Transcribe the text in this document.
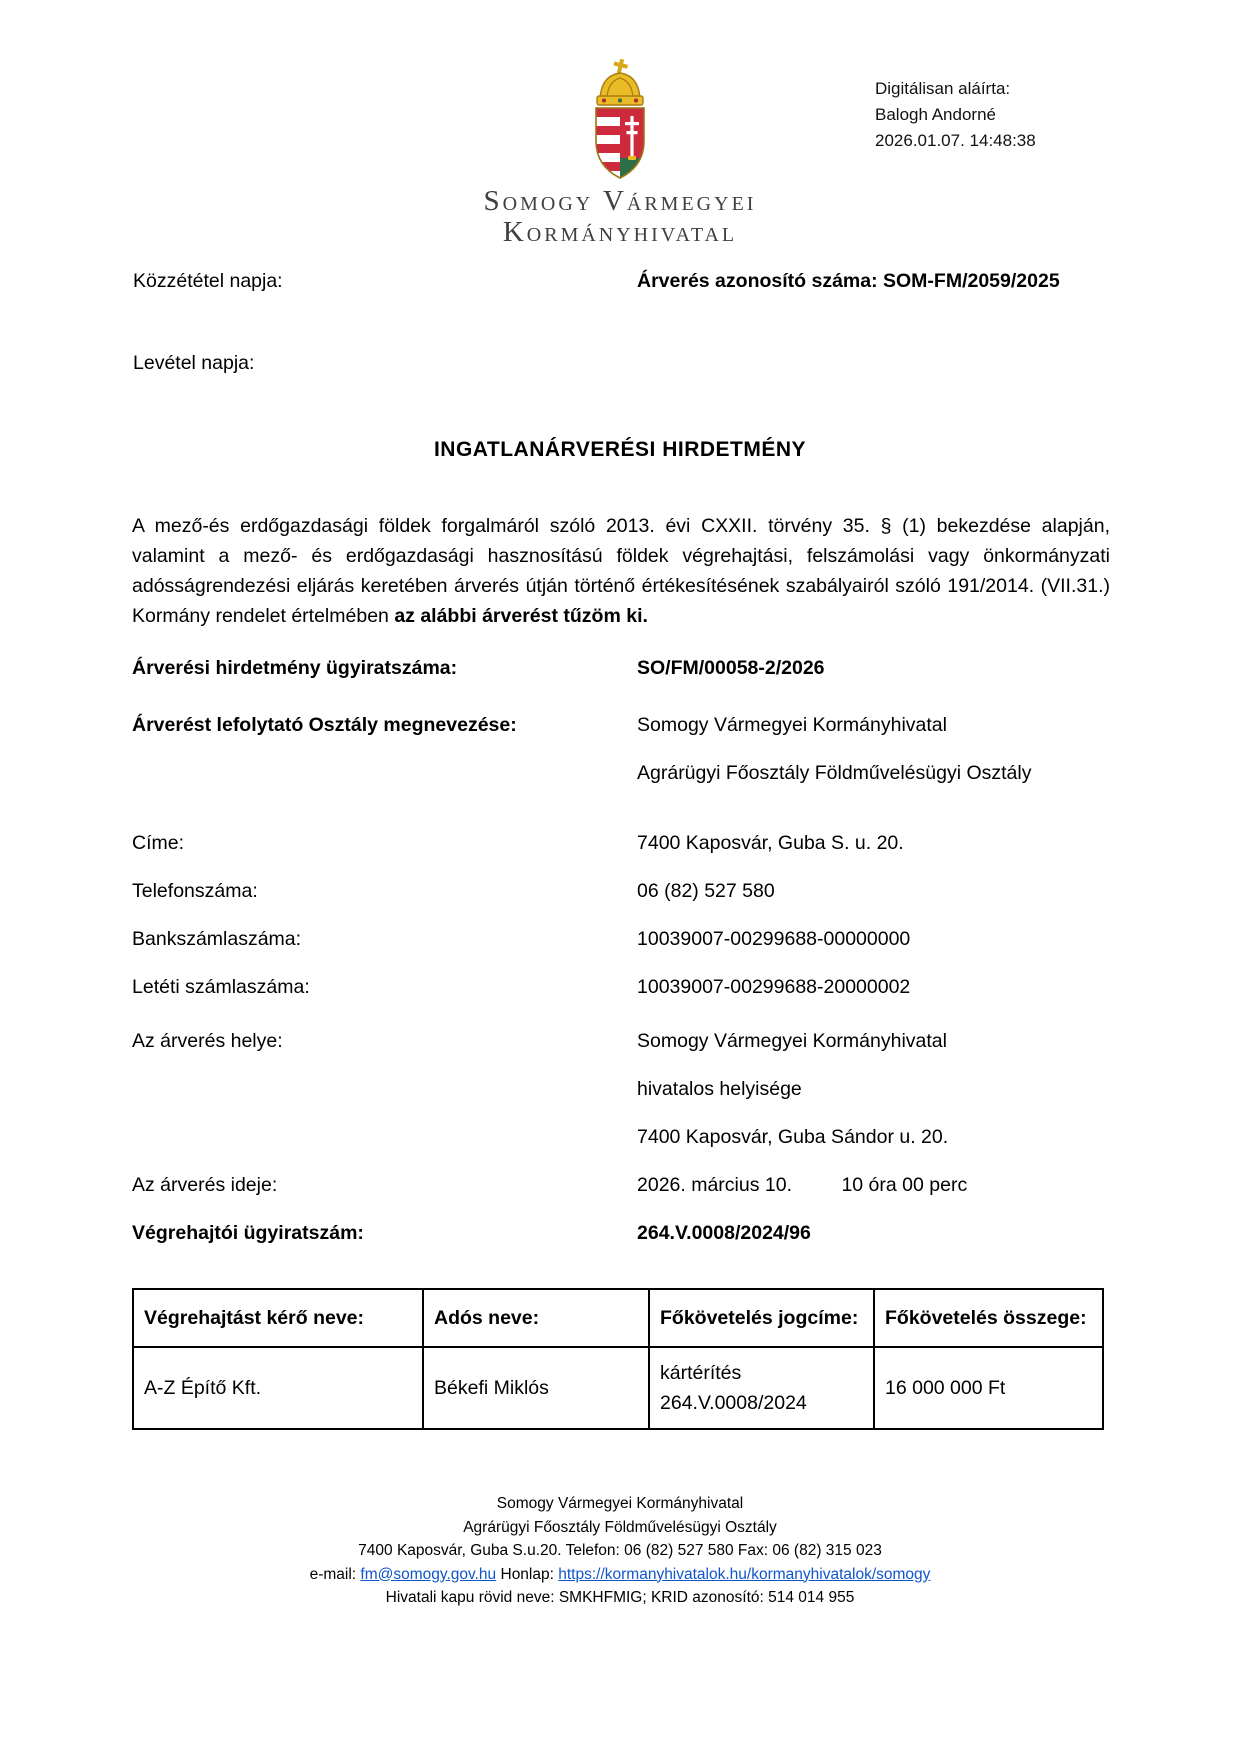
Digitálisan aláírta:
Balogh Andorné
2026.01.07. 14:48:38
Somogy Vármegyei
Kormányhivatal
Közzététel napja:	Árverés azonosító száma: SOM-FM/2059/2025
Levétel napja:
INGATLANÁRVERÉSI HIRDETMÉNY
A mező-és erdőgazdasági földek forgalmáról szóló 2013. évi CXXII. törvény 35. § (1) bekezdése alapján, valamint a mező- és erdőgazdasági hasznosítású földek végrehajtási, felszámolási vagy önkormányzati adósságrendezési eljárás keretében árverés útján történő értékesítésének szabályairól szóló 191/2014. (VII.31.) Kormány rendelet értelmében az alábbi árverést tűzöm ki.
Árverési hirdetmény ügyiratszáma:	SO/FM/00058-2/2026
Árverést lefolytató Osztály megnevezése:	Somogy Vármegyei Kormányhivatal
Agrárügyi Főosztály Földművelésügyi Osztály
Címe:	7400 Kaposvár, Guba S. u. 20.
Telefonszáma:	06 (82) 527 580
Bankszámlaszáma:	10039007-00299688-00000000
Letéti számlaszáma:	10039007-00299688-20000002
Az árverés helye:	Somogy Vármegyei Kormányhivatal
hivatalos helyisége
7400 Kaposvár, Guba Sándor u. 20.
Az árverés ideje:	2026. március 10.	10 óra 00 perc
Végrehajtói ügyiratszám:	264.V.0008/2024/96
Végrehajtást kérő neve:	Adós neve:	Főkövetelés jogcíme:	Főkövetelés összege:
A-Z Építő Kft.	Békefi Miklós	kártérítés
264.V.0008/2024	16 000 000 Ft
Somogy Vármegyei Kormányhivatal
Agrárügyi Főosztály Földművelésügyi Osztály
7400 Kaposvár, Guba S.u.20. Telefon: 06 (82) 527 580 Fax: 06 (82) 315 023
e-mail: fm@somogy.gov.hu Honlap: https://kormanyhivatalok.hu/kormanyhivatalok/somogy
Hivatali kapu rövid neve: SMKHFMIG; KRID azonosító: 514 014 955
